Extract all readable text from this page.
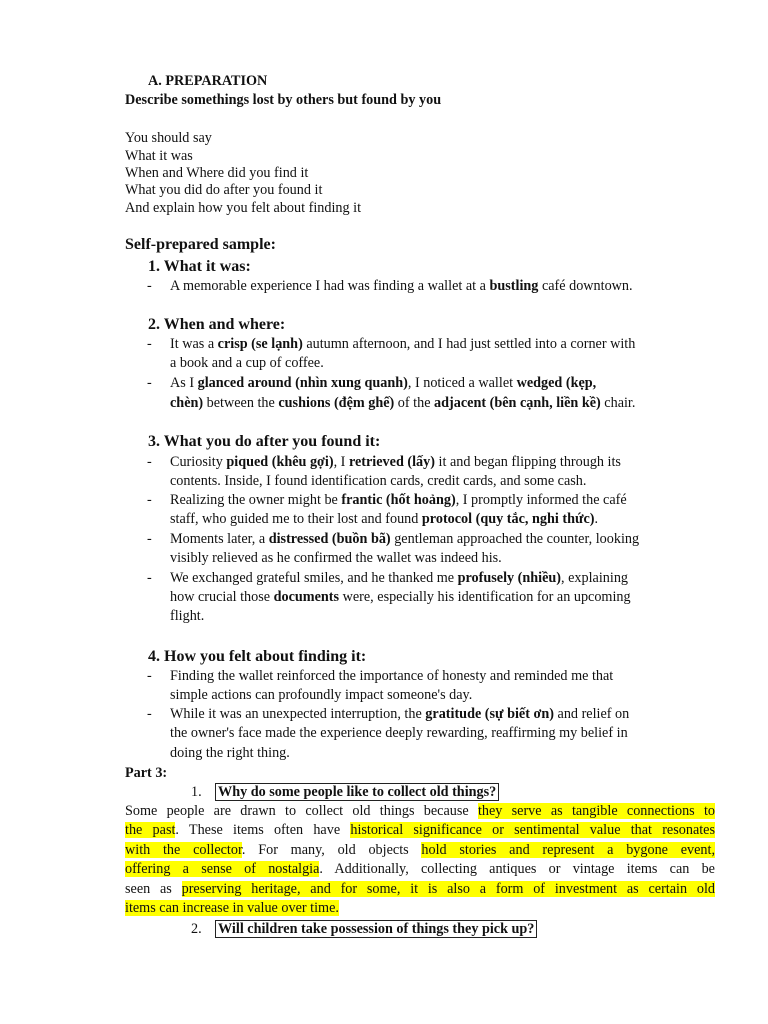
A. PREPARATION
Describe somethings lost by others but found by you
You should say
What it was
When and Where did you find it
What you did do after you found it
And explain how you felt about finding it
Self-prepared sample:
1. What it was:
- A memorable experience I had was finding a wallet at a bustling café downtown.
2. When and where:
- It was a crisp (se lạnh) autumn afternoon, and I had just settled into a corner with
a book and a cup of coffee.
- As I glanced around (nhìn xung quanh), I noticed a wallet wedged (kẹp,
chèn) between the cushions (đệm ghế) of the adjacent (bên cạnh, liền kề) chair.
3. What you do after you found it:
- Curiosity piqued (khêu gợi), I retrieved (lấy) it and began flipping through its
contents. Inside, I found identification cards, credit cards, and some cash.
- Realizing the owner might be frantic (hốt hoảng), I promptly informed the café
staff, who guided me to their lost and found protocol (quy tắc, nghi thức).
- Moments later, a distressed (buồn bã) gentleman approached the counter, looking
visibly relieved as he confirmed the wallet was indeed his.
- We exchanged grateful smiles, and he thanked me profusely (nhiều), explaining
how crucial those documents were, especially his identification for an upcoming
flight.
4. How you felt about finding it:
- Finding the wallet reinforced the importance of honesty and reminded me that
simple actions can profoundly impact someone's day.
- While it was an unexpected interruption, the gratitude (sự biết ơn) and relief on
the owner's face made the experience deeply rewarding, reaffirming my belief in
doing the right thing.
Part 3:
1. Why do some people like to collect old things?
Some people are drawn to collect old things because they serve as tangible connections to
the past. These items often have historical significance or sentimental value that resonates
with the collector. For many, old objects hold stories and represent a bygone event,
offering a sense of nostalgia. Additionally, collecting antiques or vintage items can be
seen as preserving heritage, and for some, it is also a form of investment as certain old
items can increase in value over time.
2. Will children take possession of things they pick up?
